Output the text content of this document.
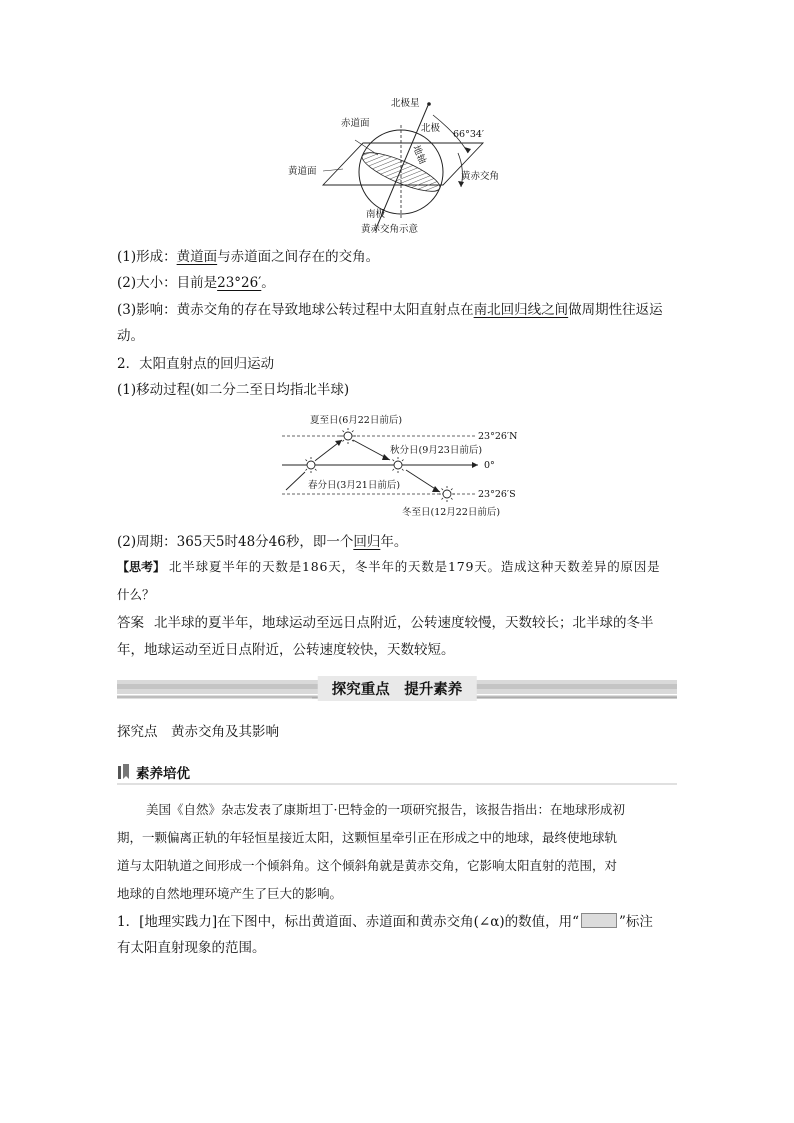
北极星
北极
赤道面
66°34′
黄道面	黄赤交角
地轴
南极
黄赤交角示意
(1)形成：黄道面与赤道面之间存在的交角。
(2)大小：目前是23°26′。
(3)影响：黄赤交角的存在导致地球公转过程中太阳直射点在南北回归线之间做周期性往返运
动。
2．太阳直射点的回归运动
(1)移动过程(如二分二至日均指北半球)
夏至日(6月22日前后)
秋分日(9月23日前后)
春分日(3月21日前后)
冬至日(12月22日前后)
23°26′N
0°
23°26′S
(2)周期：365天5时48分46秒，即一个回归年。
【思考】 北半球夏半年的天数是186天，冬半年的天数是179天。造成这种天数差异的原因是
什么？
答案 北半球的夏半年，地球运动至远日点附近，公转速度较慢，天数较长；北半球的冬半
年，地球运动至近日点附近，公转速度较快，天数较短。
探究重点　提升素养
探究点　黄赤交角及其影响
素养培优
美国《自然》杂志发表了康斯坦丁·巴特金的一项研究报告，该报告指出：在地球形成初
期，一颗偏离正轨的年轻恒星接近太阳，这颗恒星牵引正在形成之中的地球，最终使地球轨
道与太阳轨道之间形成一个倾斜角。这个倾斜角就是黄赤交角，它影响太阳直射的范围，对
地球的自然地理环境产生了巨大的影响。
1．[地理实践力]在下图中，标出黄道面、赤道面和黄赤交角(∠α)的数值，用“	”标注
有太阳直射现象的范围。
